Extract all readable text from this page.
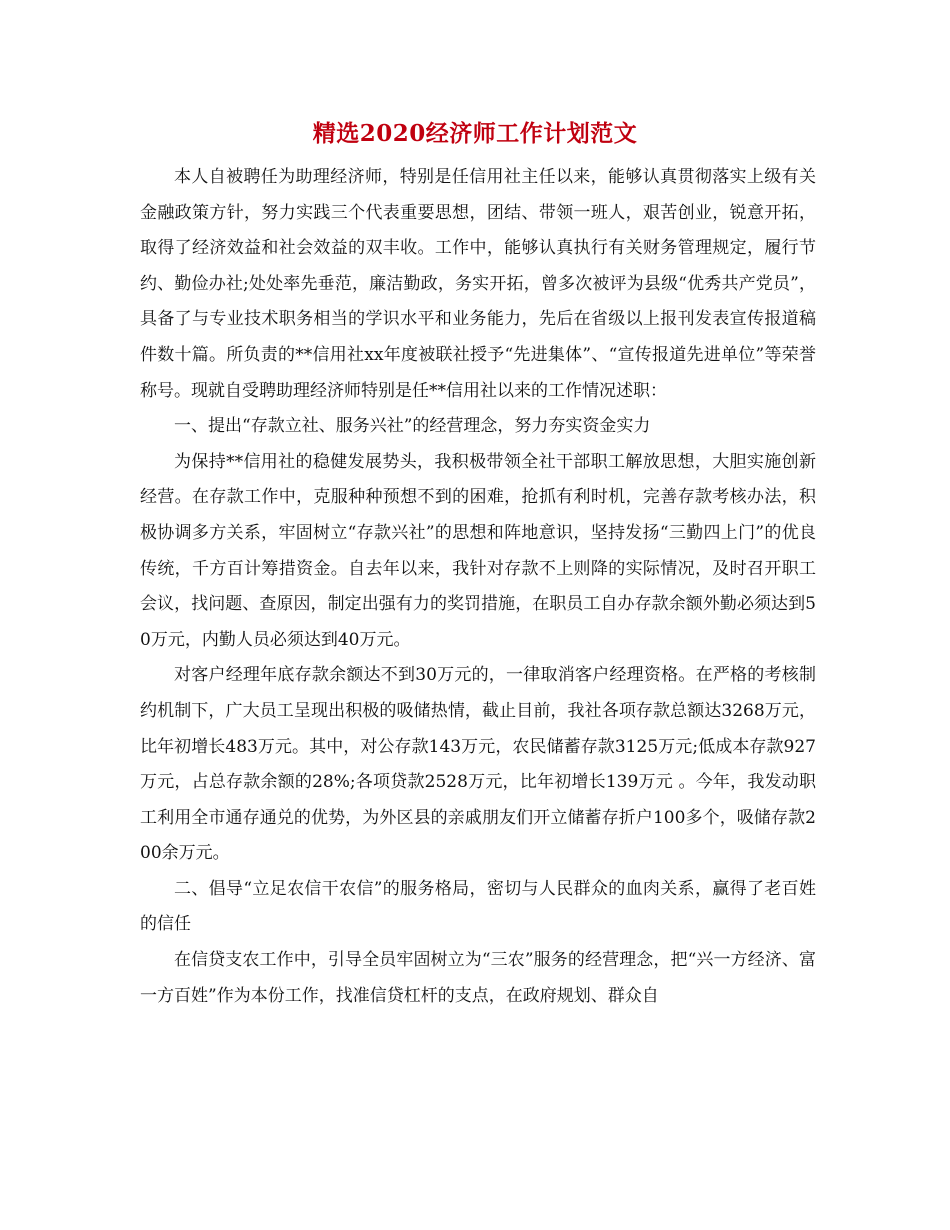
精选2020经济师工作计划范文

本人自被聘任为助理经济师，特别是任信用社主任以来，能够认真贯彻落实上级有关金融政策方针，努力实践三个代表重要思想，团结、带领一班人，艰苦创业，锐意开拓，取得了经济效益和社会效益的双丰收。工作中，能够认真执行有关财务管理规定，履行节约、勤俭办社;处处率先垂范，廉洁勤政，务实开拓，曾多次被评为县级“优秀共产党员”，具备了与专业技术职务相当的学识水平和业务能力，先后在省级以上报刊发表宣传报道稿件数十篇。所负责的**信用社xx年度被联社授予“先进集体”、“宣传报道先进单位”等荣誉称号。现就自受聘助理经济师特别是任**信用社以来的工作情况述职：

一、提出“存款立社、服务兴社”的经营理念，努力夯实资金实力

为保持**信用社的稳健发展势头，我积极带领全社干部职工解放思想，大胆实施创新经营。在存款工作中，克服种种预想不到的困难，抢抓有利时机，完善存款考核办法，积极协调多方关系，牢固树立“存款兴社”的思想和阵地意识，坚持发扬“三勤四上门”的优良传统，千方百计筹措资金。自去年以来，我针对存款不上则降的实际情况，及时召开职工会议，找问题、查原因，制定出强有力的奖罚措施，在职员工自办存款余额外勤必须达到50万元，内勤人员必须达到40万元。

对客户经理年底存款余额达不到30万元的，一律取消客户经理资格。在严格的考核制约机制下，广大员工呈现出积极的吸储热情，截止目前，我社各项存款总额达3268万元，比年初增长483万元。其中，对公存款143万元，农民储蓄存款3125万元;低成本存款927万元，占总存款余额的28%;各项贷款2528万元，比年初增长139万元 。今年，我发动职工利用全市通存通兑的优势，为外区县的亲戚朋友们开立储蓄存折户100多个，吸储存款200余万元。

二、倡导“立足农信干农信”的服务格局，密切与人民群众的血肉关系，赢得了老百姓的信任

在信贷支农工作中，引导全员牢固树立为“三农”服务的经营理念，把“兴一方经济、富一方百姓”作为本份工作，找准信贷杠杆的支点，在政府规划、群众自
